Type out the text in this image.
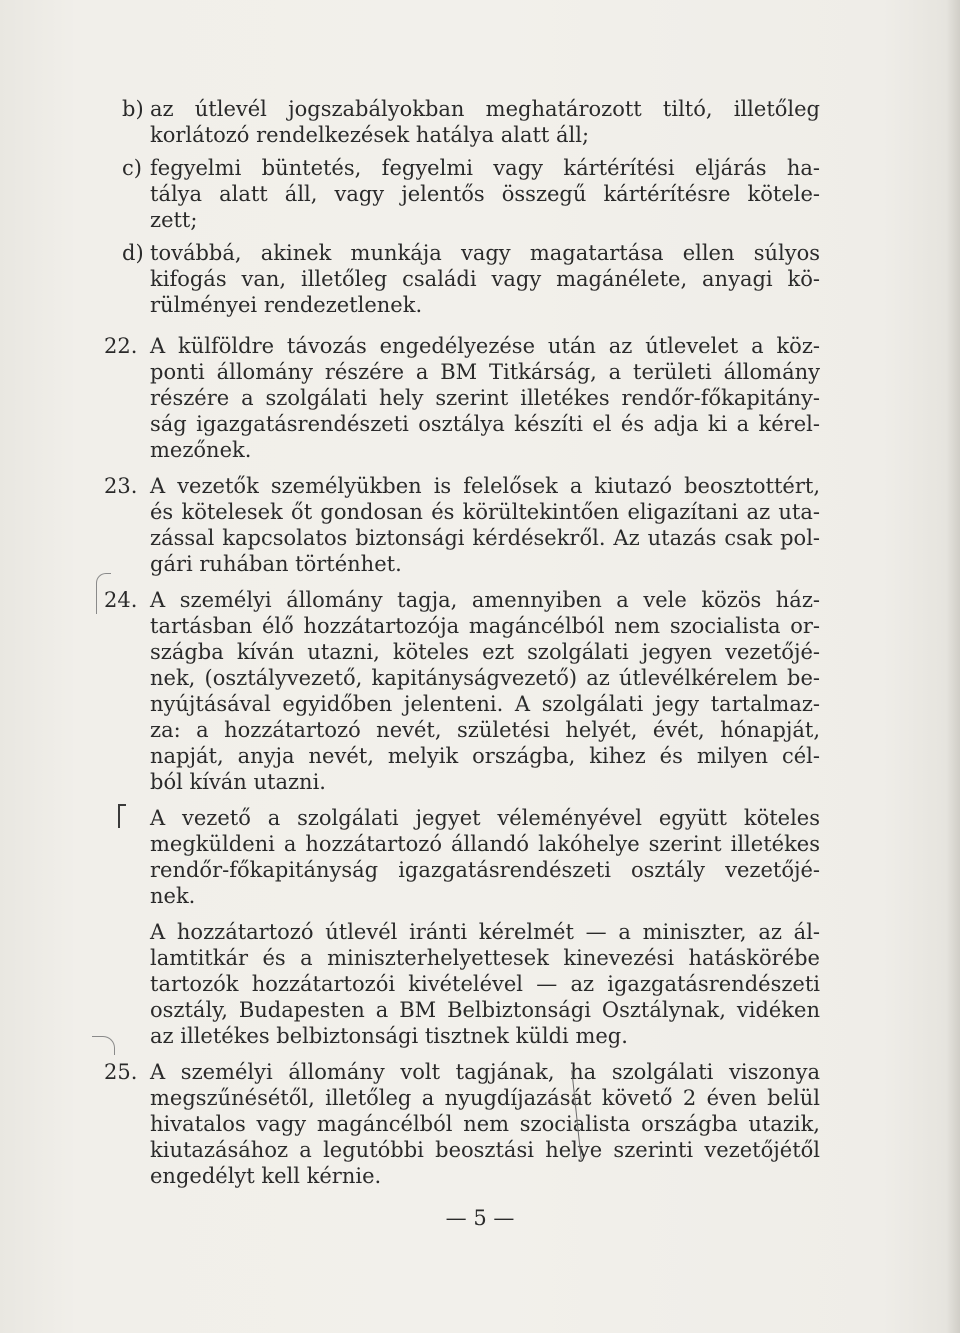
b) az útlevél jogszabályokban meghatározott tiltó, illetőleg
korlátozó rendelkezések hatálya alatt áll;
c) fegyelmi büntetés, fegyelmi vagy kártérítési eljárás ha-
tálya alatt áll, vagy jelentős összegű kártérítésre kötele-
zett;
d) továbbá, akinek munkája vagy magatartása ellen súlyos
kifogás van, illetőleg családi vagy magánélete, anyagi kö-
rülményei rendezetlenek.
22. A külföldre távozás engedélyezése után az útlevelet a köz-
ponti állomány részére a BM Titkárság, a területi állomány
részére a szolgálati hely szerint illetékes rendőr-főkapitány-
ság igazgatásrendészeti osztálya készíti el és adja ki a kérel-
mezőnek.
23. A vezetők személyükben is felelősek a kiutazó beosztottért,
és kötelesek őt gondosan és körültekintően eligazítani az uta-
zással kapcsolatos biztonsági kérdésekről. Az utazás csak pol-
gári ruhában történhet.
24. A személyi állomány tagja, amennyiben a vele közös ház-
tartásban élő hozzátartozója magáncélból nem szocialista or-
szágba kíván utazni, köteles ezt szolgálati jegyen vezetőjé-
nek, (osztályvezető, kapitányságvezető) az útlevélkérelem be-
nyújtásával egyidőben jelenteni. A szolgálati jegy tartalmaz-
za: a hozzátartozó nevét, születési helyét, évét, hónapját,
napját, anyja nevét, melyik országba, kihez és milyen cél-
ból kíván utazni.
A vezető a szolgálati jegyet véleményével együtt köteles
megküldeni a hozzátartozó állandó lakóhelye szerint illetékes
rendőr-főkapitányság igazgatásrendészeti osztály vezetőjé-
nek.
A hozzátartozó útlevél iránti kérelmét — a miniszter, az ál-
lamtitkár és a miniszterhelyettesek kinevezési hatáskörébe
tartozók hozzátartozói kivételével — az igazgatásrendészeti
osztály, Budapesten a BM Belbiztonsági Osztálynak, vidéken
az illetékes belbiztonsági tisztnek küldi meg.
25. A személyi állomány volt tagjának, ha szolgálati viszonya
megszűnésétől, illetőleg a nyugdíjazását követő 2 éven belül
hivatalos vagy magáncélból nem szocialista országba utazik,
kiutazásához a legutóbbi beosztási helye szerinti vezetőjétől
engedélyt kell kérnie.
— 5 —
